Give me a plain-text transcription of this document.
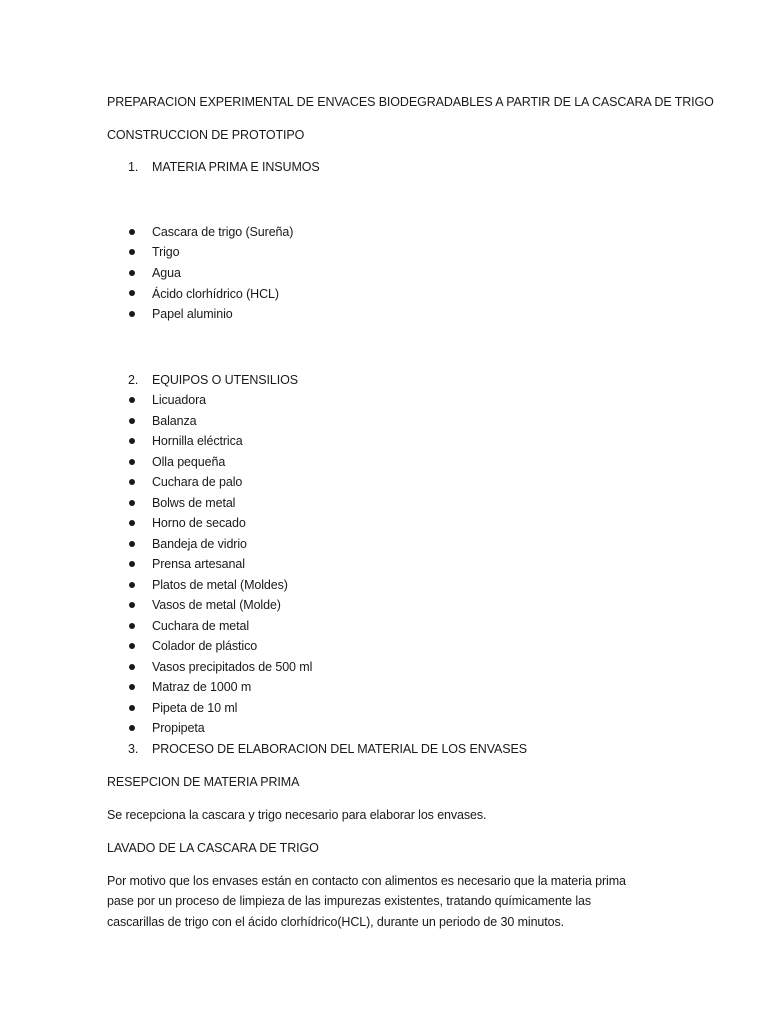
PREPARACION EXPERIMENTAL DE ENVACES BIODEGRADABLES A PARTIR DE LA CASCARA DE TRIGO
CONSTRUCCION DE PROTOTIPO
1. MATERIA PRIMA E INSUMOS
Cascara de trigo (Sureña)
Trigo
Agua
Ácido clorhídrico (HCL)
Papel aluminio
2. EQUIPOS O UTENSILIOS
Licuadora
Balanza
Hornilla eléctrica
Olla pequeña
Cuchara de palo
Bolws de metal
Horno de secado
Bandeja de vidrio
Prensa artesanal
Platos de metal (Moldes)
Vasos de metal (Molde)
Cuchara de metal
Colador de plástico
Vasos precipitados de 500 ml
Matraz de 1000 m
Pipeta de 10 ml
Propipeta
3. PROCESO DE ELABORACION DEL MATERIAL DE LOS ENVASES
RESEPCION DE MATERIA PRIMA
Se recepciona la cascara y trigo necesario para elaborar los envases.
LAVADO DE LA CASCARA DE TRIGO
Por motivo que los envases están en contacto con alimentos es necesario que la materia prima
pase por un proceso de limpieza de las impurezas existentes, tratando químicamente las
cascarillas de trigo con el ácido clorhídrico(HCL), durante un periodo de 30 minutos.
